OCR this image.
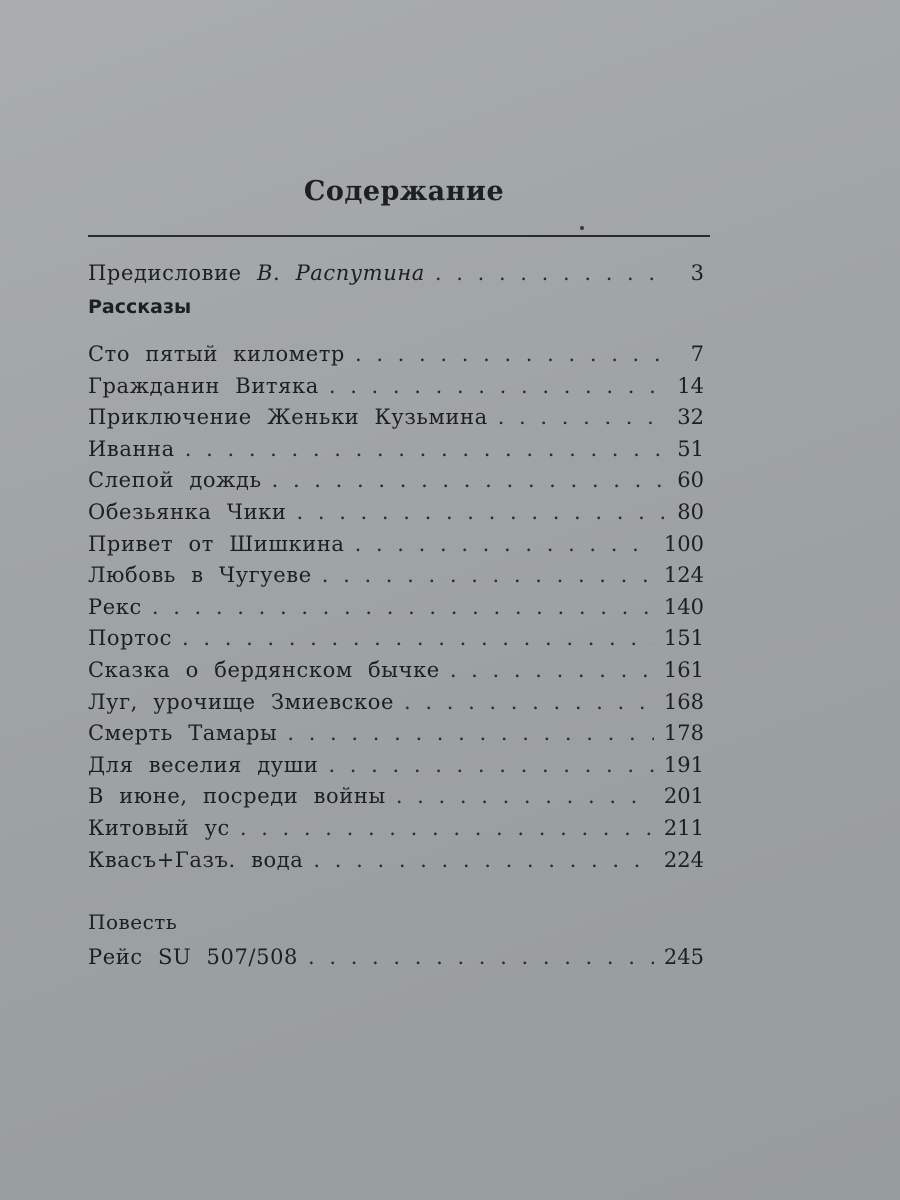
Содержание
Предисловие В. Распутина . . .	3
Рассказы
Сто пятый километр . . .	7
Гражданин Витяка . . .	14
Приключение Женьки Кузьмина . . .	32
Иванна . . .	51
Слепой дождь . . .	60
Обезьянка Чики . . .	80
Привет от Шишкина . . .	100
Любовь в Чугуеве . . .	124
Рекс . . .	140
Портос . . .	151
Сказка о бердянском бычке . . .	161
Луг, урочище Змиевское . . .	168
Смерть Тамары . . .	178
Для веселия души . . .	191
В июне, посреди войны . . .	201
Китовый ус . . .	211
Квасъ+Газъ. вода . . .	224
Повесть
Рейс SU 507/508 . . .	245
